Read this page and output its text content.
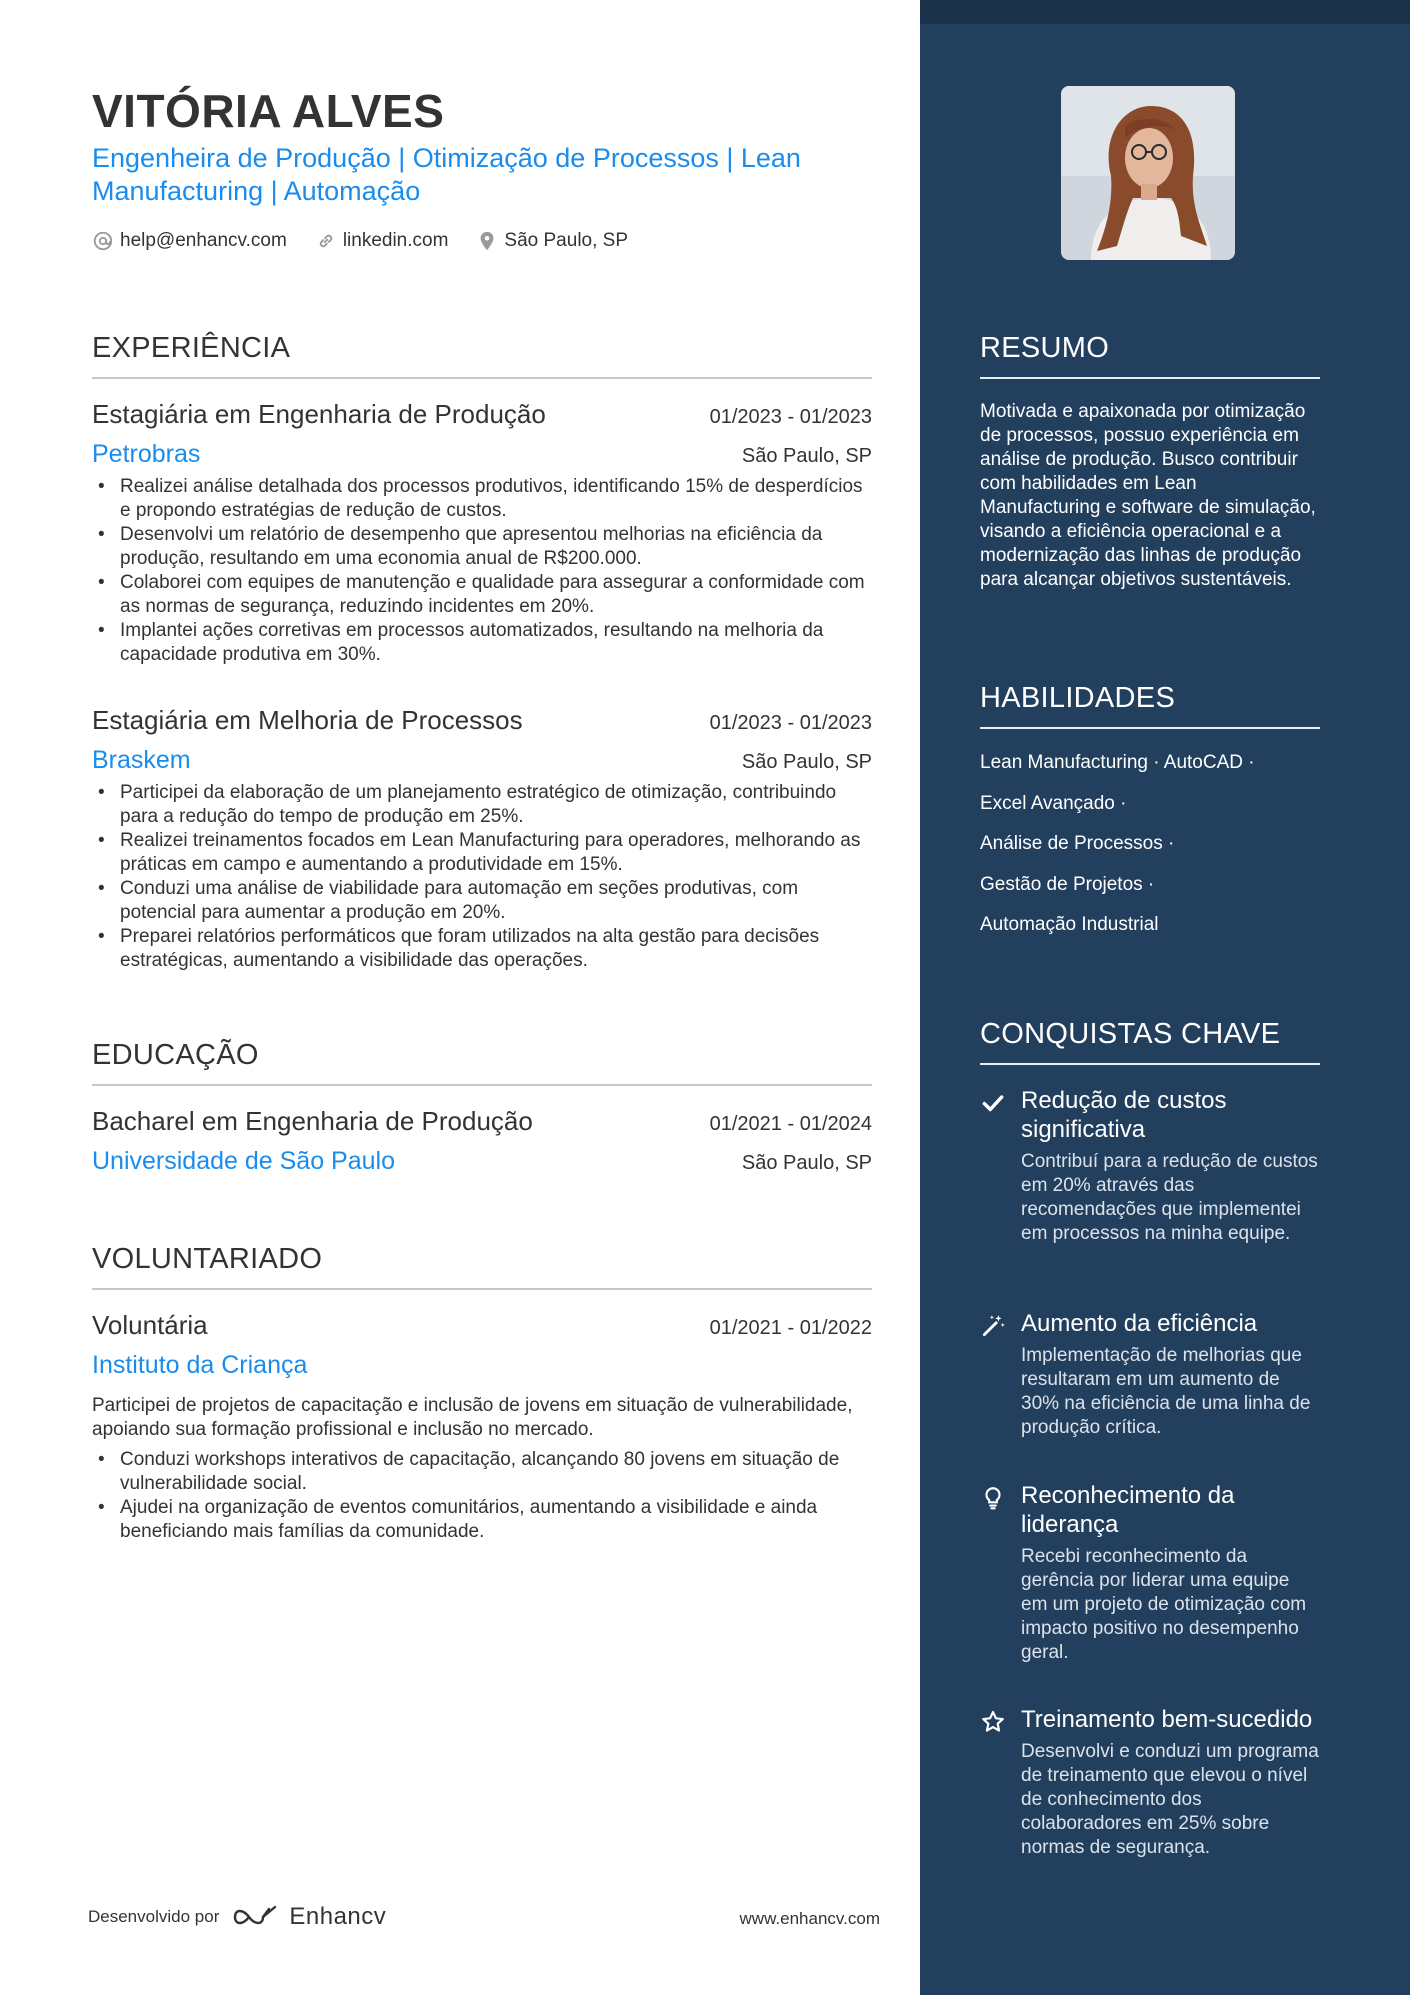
VITÓRIA ALVES
Engenheira de Produção | Otimização de Processos | Lean Manufacturing | Automação
help@enhancv.com	linkedin.com	São Paulo, SP
EXPERIÊNCIA
Estagiária em Engenharia de Produção	01/2023 - 01/2023
Petrobras	São Paulo, SP
• Realizei análise detalhada dos processos produtivos, identificando 15% de desperdícios e propondo estratégias de redução de custos.
• Desenvolvi um relatório de desempenho que apresentou melhorias na eficiência da produção, resultando em uma economia anual de R$200.000.
• Colaborei com equipes de manutenção e qualidade para assegurar a conformidade com as normas de segurança, reduzindo incidentes em 20%.
• Implantei ações corretivas em processos automatizados, resultando na melhoria da capacidade produtiva em 30%.
Estagiária em Melhoria de Processos	01/2023 - 01/2023
Braskem	São Paulo, SP
• Participei da elaboração de um planejamento estratégico de otimização, contribuindo para a redução do tempo de produção em 25%.
• Realizei treinamentos focados em Lean Manufacturing para operadores, melhorando as práticas em campo e aumentando a produtividade em 15%.
• Conduzi uma análise de viabilidade para automação em seções produtivas, com potencial para aumentar a produção em 20%.
• Preparei relatórios performáticos que foram utilizados na alta gestão para decisões estratégicas, aumentando a visibilidade das operações.
EDUCAÇÃO
Bacharel em Engenharia de Produção	01/2021 - 01/2024
Universidade de São Paulo	São Paulo, SP
VOLUNTARIADO
Voluntária	01/2021 - 01/2022
Instituto da Criança
Participei de projetos de capacitação e inclusão de jovens em situação de vulnerabilidade, apoiando sua formação profissional e inclusão no mercado.
• Conduzi workshops interativos de capacitação, alcançando 80 jovens em situação de vulnerabilidade social.
• Ajudei na organização de eventos comunitários, aumentando a visibilidade e ainda beneficiando mais famílias da comunidade.
Desenvolvido por	Enhancv	www.enhancv.com
RESUMO
Motivada e apaixonada por otimização de processos, possuo experiência em análise de produção. Busco contribuir com habilidades em Lean Manufacturing e software de simulação, visando a eficiência operacional e a modernização das linhas de produção para alcançar objetivos sustentáveis.
HABILIDADES
Lean Manufacturing · AutoCAD ·
Excel Avançado ·
Análise de Processos ·
Gestão de Projetos ·
Automação Industrial
CONQUISTAS CHAVE
Redução de custos significativa
Contribuí para a redução de custos em 20% através das recomendações que implementei em processos na minha equipe.
Aumento da eficiência
Implementação de melhorias que resultaram em um aumento de 30% na eficiência de uma linha de produção crítica.
Reconhecimento da liderança
Recebi reconhecimento da gerência por liderar uma equipe em um projeto de otimização com impacto positivo no desempenho geral.
Treinamento bem-sucedido
Desenvolvi e conduzi um programa de treinamento que elevou o nível de conhecimento dos colaboradores em 25% sobre normas de segurança.
